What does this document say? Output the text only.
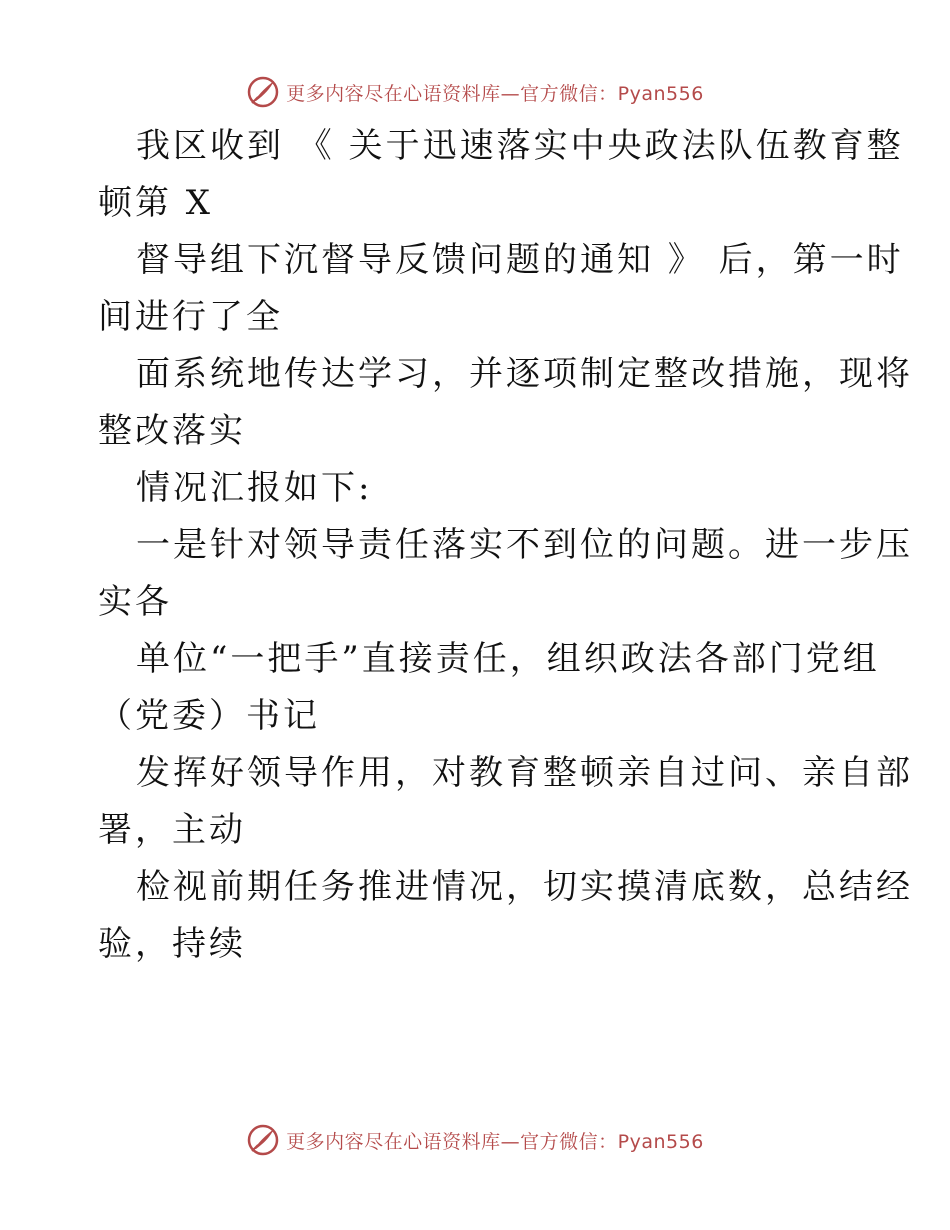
更多内容尽在心语资料库—官方微信：Pyan556
我区收到 《 关于迅速落实中央政法队伍教育整
顿第 X
督导组下沉督导反馈问题的通知 》 后，第一时
间进行了全
面系统地传达学习，并逐项制定整改措施，现将
整改落实
情况汇报如下:
一是针对领导责任落实不到位的问题。进一步压
实各
单位“一把手”直接责任，组织政法各部门党组
（党委）书记
发挥好领导作用，对教育整顿亲自过问、亲自部
署，主动
检视前期任务推进情况，切实摸清底数，总结经
验，持续
更多内容尽在心语资料库—官方微信：Pyan556
